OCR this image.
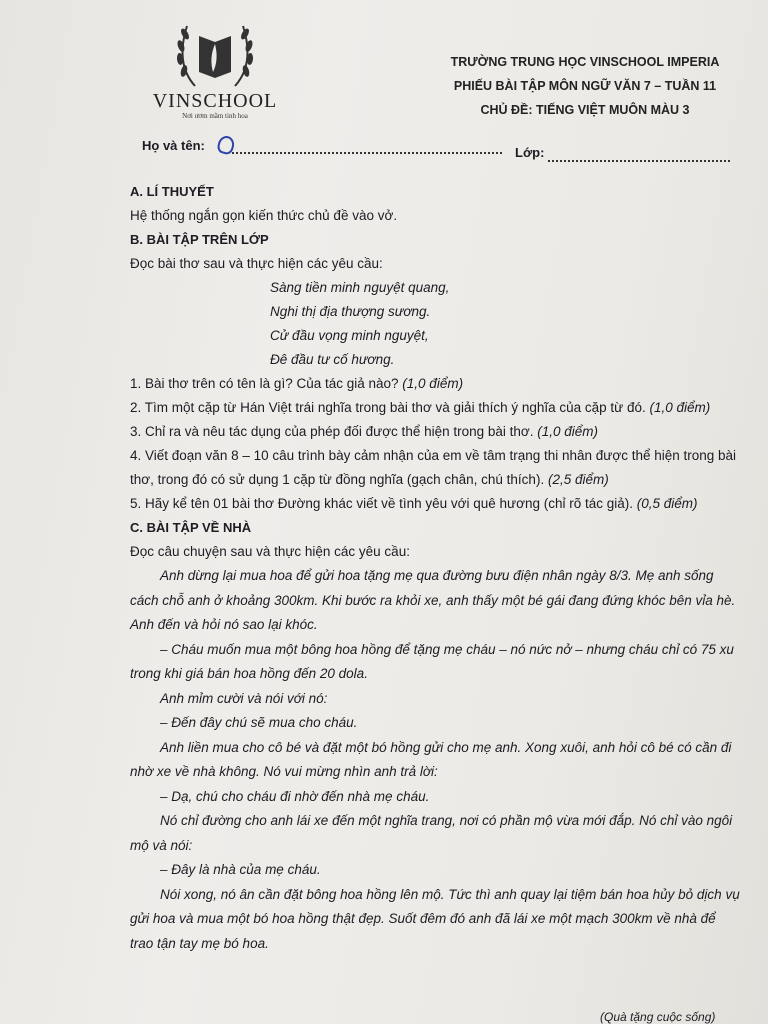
VINSCHOOL
Nơi ươm mầm tinh hoa
TRƯỜNG TRUNG HỌC VINSCHOOL IMPERIA
PHIẾU BÀI TẬP MÔN NGỮ VĂN 7 – TUẦN 11
CHỦ ĐỀ: TIẾNG VIỆT MUÔN MÀU 3
Họ và tên:	Lớp:
A. LÍ THUYẾT
Hệ thống ngắn gọn kiến thức chủ đề vào vở.
B. BÀI TẬP TRÊN LỚP
Đọc bài thơ sau và thực hiện các yêu cầu:
Sàng tiền minh nguyệt quang,
Nghi thị địa thượng sương.
Cử đầu vọng minh nguyệt,
Đê đầu tư cố hương.
1. Bài thơ trên có tên là gì? Của tác giả nào? (1,0 điểm)
2. Tìm một cặp từ Hán Việt trái nghĩa trong bài thơ và giải thích ý nghĩa của cặp từ đó. (1,0 điểm)
3. Chỉ ra và nêu tác dụng của phép đối được thể hiện trong bài thơ. (1,0 điểm)
4. Viết đoạn văn 8 – 10 câu trình bày cảm nhận của em về tâm trạng thi nhân được thể hiện trong bài thơ, trong đó có sử dụng 1 cặp từ đồng nghĩa (gạch chân, chú thích). (2,5 điểm)
5. Hãy kể tên 01 bài thơ Đường khác viết về tình yêu với quê hương (chỉ rõ tác giả). (0,5 điểm)
C. BÀI TẬP VỀ NHÀ
Đọc câu chuyện sau và thực hiện các yêu cầu:
Anh dừng lại mua hoa để gửi hoa tặng mẹ qua đường bưu điện nhân ngày 8/3. Mẹ anh sống cách chỗ anh ở khoảng 300km. Khi bước ra khỏi xe, anh thấy một bé gái đang đứng khóc bên vỉa hè. Anh đến và hỏi nó sao lại khóc.
– Cháu muốn mua một bông hoa hồng để tặng mẹ cháu – nó nức nở – nhưng cháu chỉ có 75 xu trong khi giá bán hoa hồng đến 20 dola.
Anh mỉm cười và nói với nó:
– Đến đây chú sẽ mua cho cháu.
Anh liền mua cho cô bé và đặt một bó hồng gửi cho mẹ anh. Xong xuôi, anh hỏi cô bé có cần đi nhờ xe về nhà không. Nó vui mừng nhìn anh trả lời:
– Dạ, chú cho cháu đi nhờ đến nhà mẹ cháu.
Nó chỉ đường cho anh lái xe đến một nghĩa trang, nơi có phần mộ vừa mới đắp. Nó chỉ vào ngôi mộ và nói:
– Đây là nhà của mẹ cháu.
Nói xong, nó ân cần đặt bông hoa hồng lên mộ. Tức thì anh quay lại tiệm bán hoa hủy bỏ dịch vụ gửi hoa và mua một bó hoa hồng thật đẹp. Suốt đêm đó anh đã lái xe một mạch 300km về nhà để trao tận tay mẹ bó hoa.
(Quà tặng cuộc sống)
